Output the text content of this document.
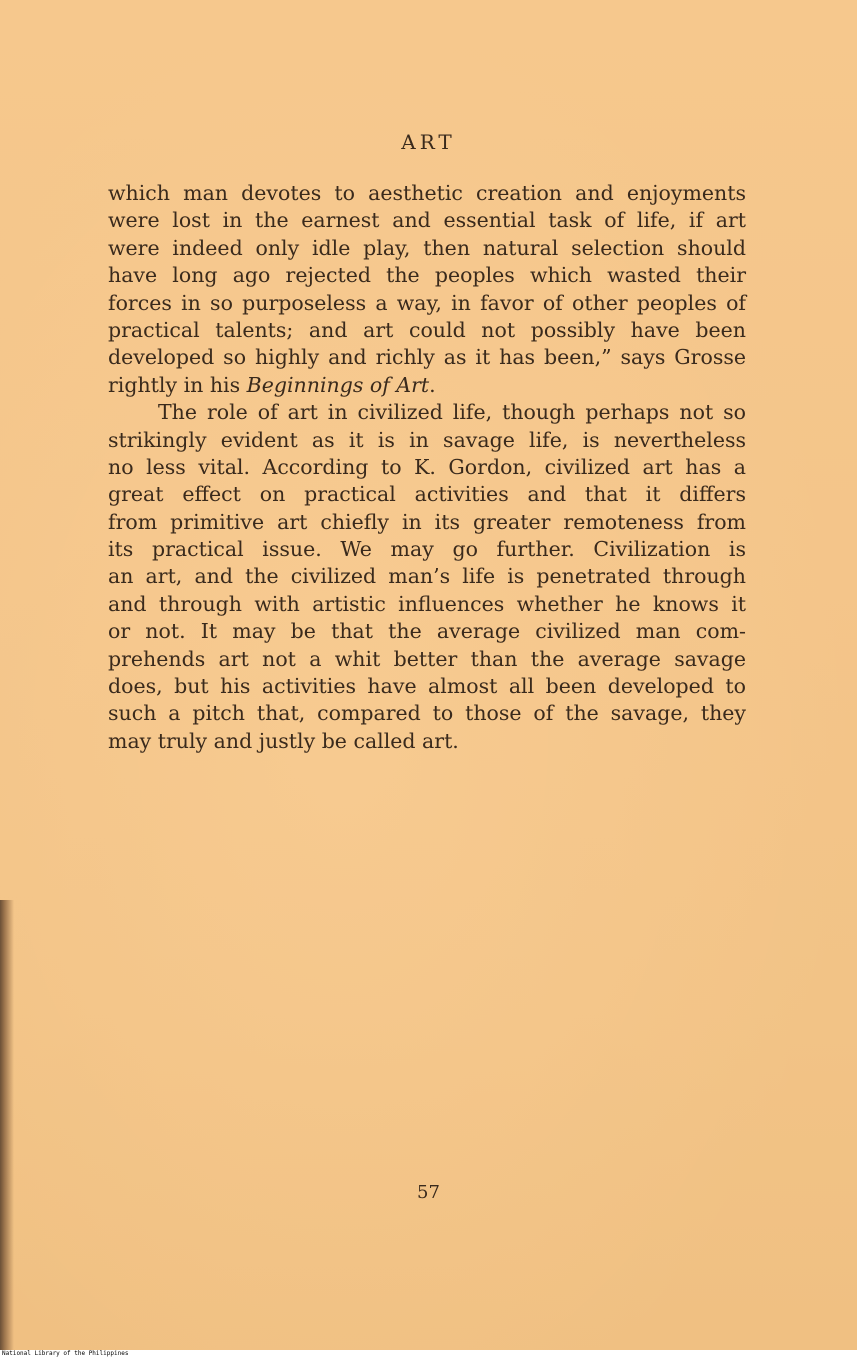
ART
which man devotes to aesthetic creation and enjoyments
were lost in the earnest and essential task of life, if art
were indeed only idle play, then natural selection should
have long ago rejected the peoples which wasted their
forces in so purposeless a way, in favor of other peoples of
practical talents; and art could not possibly have been
developed so highly and richly as it has been,” says Grosse
rightly in his Beginnings of Art.
The role of art in civilized life, though perhaps not so
strikingly evident as it is in savage life, is nevertheless
no less vital. According to K. Gordon, civilized art has a
great effect on practical activities and that it differs
from primitive art chiefly in its greater remoteness from
its practical issue. We may go further. Civilization is
an art, and the civilized man’s life is penetrated through
and through with artistic influences whether he knows it
or not. It may be that the average civilized man com-
prehends art not a whit better than the average savage
does, but his activities have almost all been developed to
such a pitch that, compared to those of the savage, they
may truly and justly be called art.
57
National Library of the Philippines
